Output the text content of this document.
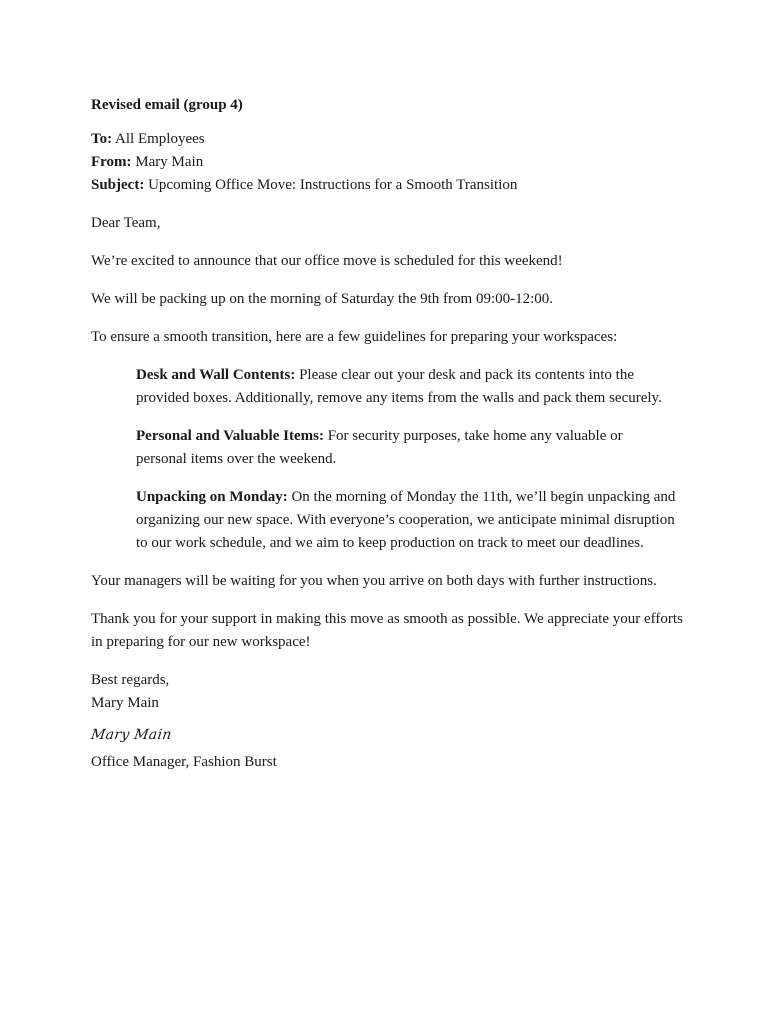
Revised email (group 4)

To: All Employees

From: Mary Main

Subject: Upcoming Office Move: Instructions for a Smooth Transition

Dear Team,

We’re excited to announce that our office move is scheduled for this weekend!

We will be packing up on the morning of Saturday the 9th from 09:00-12:00.

To ensure a smooth transition, here are a few guidelines for preparing your workspaces:

Desk and Wall Contents: Please clear out your desk and pack its contents into the provided boxes. Additionally, remove any items from the walls and pack them securely.

Personal and Valuable Items: For security purposes, take home any valuable or personal items over the weekend.

Unpacking on Monday: On the morning of Monday the 11th, we’ll begin unpacking and organizing our new space. With everyone’s cooperation, we anticipate minimal disruption to our work schedule, and we aim to keep production on track to meet our deadlines.

Your managers will be waiting for you when you arrive on both days with further instructions.

Thank you for your support in making this move as smooth as possible. We appreciate your efforts in preparing for our new workspace!

Best regards,
Mary Main
Mary Main

Office Manager, Fashion Burst
